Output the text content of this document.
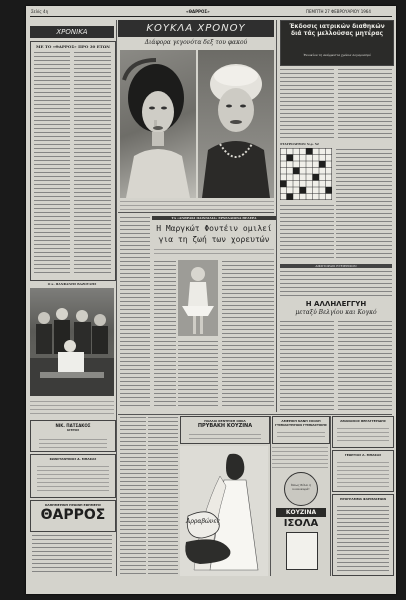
Σελίς 4η	«ΘΑΡΡΟΣ»	ΠΕΜΠΤΗ 27 ΦΕΒΡΟΥΑΡΙΟΥ 1964
ΧΡΟΝΙΚΑ
ΜΕ ΤΟ «ΘΑΡΡΟΣ» ΠΡΟ 30 ΕΤΩΝ
Ο κ. ΦΑΝΦΑΝΗΣ ΒΑΖΟΥΛΗΣ
ΝΙΚ. ΠΑΤΣΑΚΟΣ
ΙΑΤΡΟΣ
ΚΩΝΣΤΑΝΤΙΝΟΣ Δ. ΜΠΑΚΑΣ
ΚΑΘΗΜΕΡΙΝΗ ΠΡΩΙΝΗ ΕΦΗΜΕΡΙΣ
ΘΑΡΡΟΣ
ΚΟΥΚΛΑ ΧΡΟΝΟΥ
Διάφορα γεγονότα δεξ του φακού
ΤΑ «ΑΝΘΡΑΚΙ ΠΑΙΧΝΙΔΙΑ» ΕΡΧΕΔΑΙΩΝΑ ΘΕΛΕΡΑ
Η Μαργκώτ Φοντέιν ομιλεί
για τη ζωή των χορευτών
Έκδοσις ιατρικών διαθηκών διά τάς μελλούσας μητέρας
Ένοικίου τη ανάρμοστα χρόνια λογαριασμό
ΣΤΑΥΡΟΛΕΞΟΝ Ν.ρ. 52
ΑΙΚΙΓΙΟΡΑΣΙ ΕΓΕΙΕΡΙΚΟΝ
Η ΑΛΛΗΛΕΓΓΥΗ
μεταξύ Βελγίου και Κογκό
ΠΑΛΑΙΑ ΚΕΝΤΡΙΚΗ ΟΙΚΙΑ
ΠΡΥΒΑΚΗ ΚΟΥΖΙΝΑ
Αρραβώνες
ΑΜΕΡΙΚΗ ΝΑΝΗ ΣΧΟΛΗ
ΓΥΜΝΑΣΤΗΡΙΟΝ ΓΥΜΝΑΣΤΙΚΗΣ
Όπως θέλει η νοικοκυρά!
ΚΟΥΖΙΝΑ
ΙΣΟΛΑ
ΑΘΑΝΑΣΙΟΣ ΒΕΡΑΓΓΕΡΙΔΗΣ
ΓΕΩΡΓΙΟΣ Α. ΜΠΑΚΑΣ
ΠΡΟΓΡΑΜΜΑ ΦΑΡΜΑΚΕΙΩΝ
